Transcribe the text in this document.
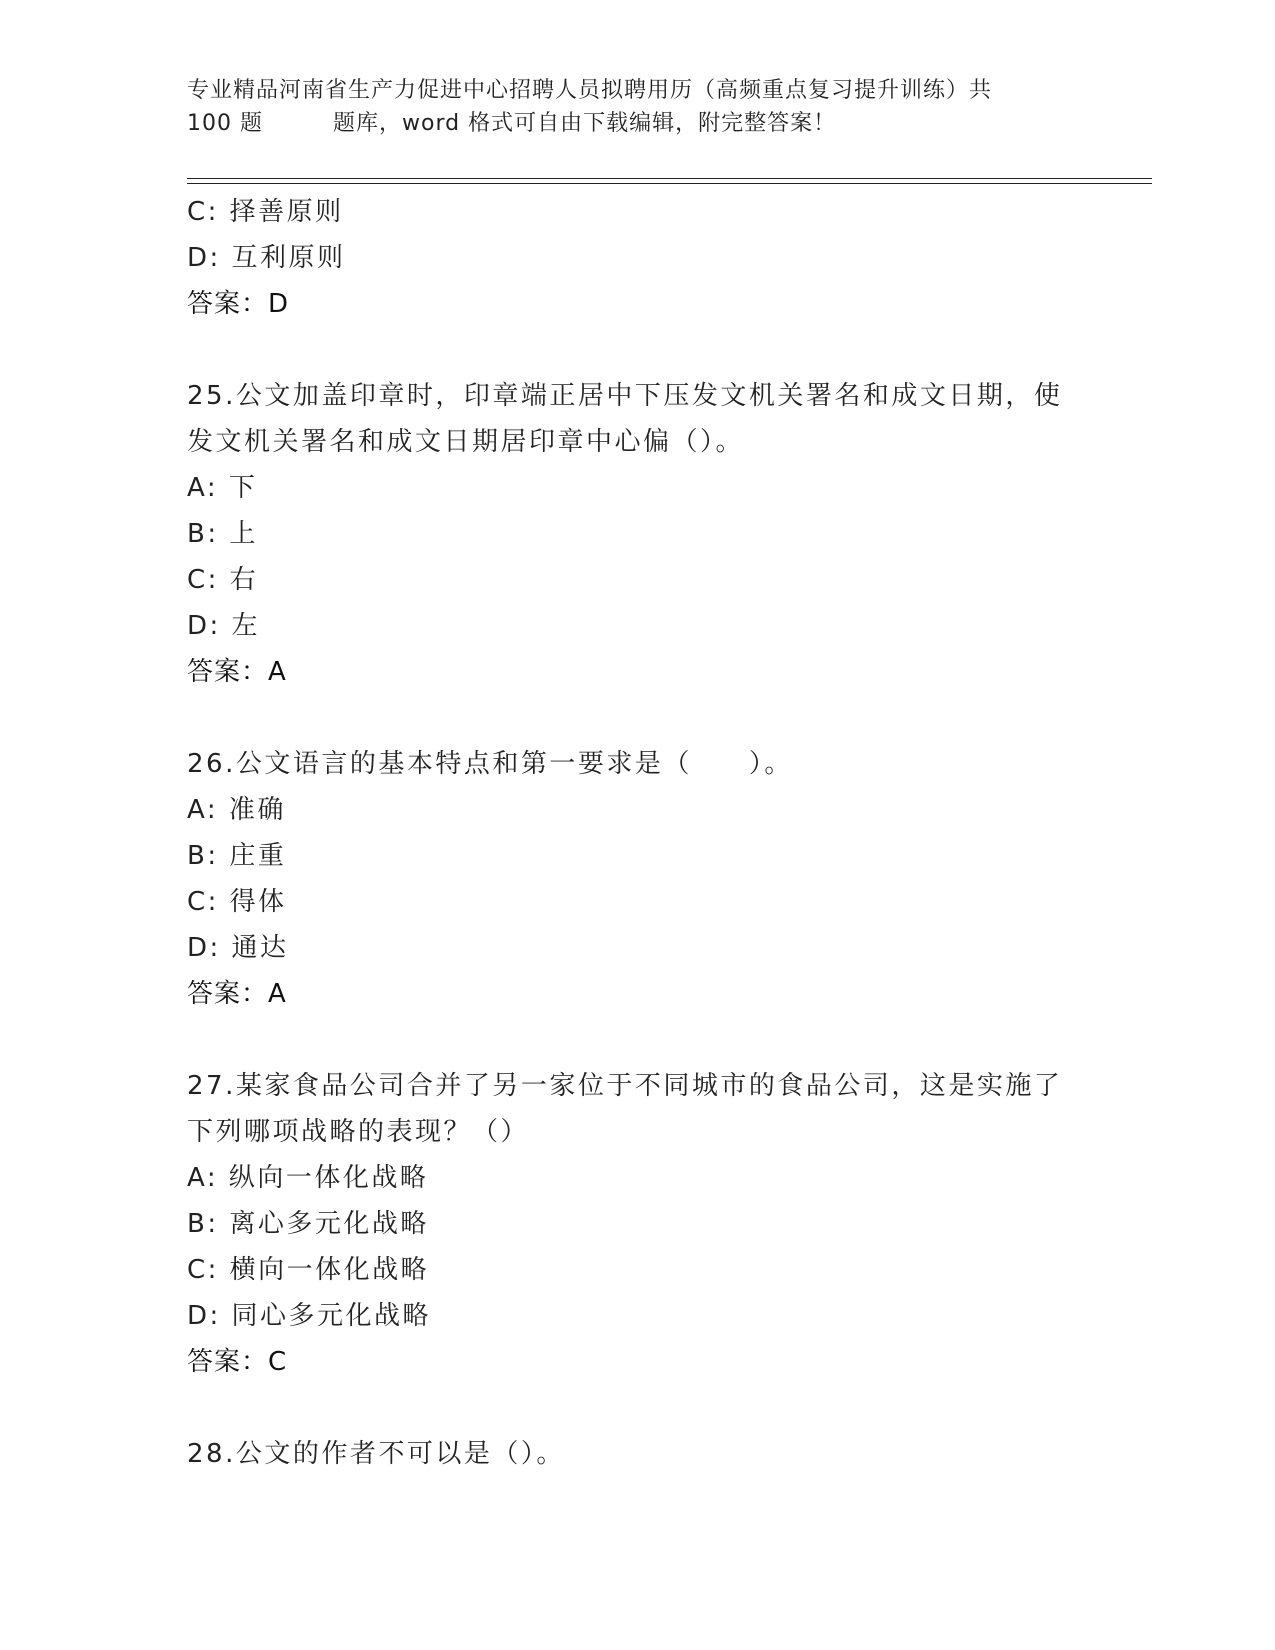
专业精品河南省生产力促进中心招聘人员拟聘用历（高频重点复习提升训练）共
100 题	题库，word 格式可自由下载编辑，附完整答案！
C: 择善原则
D: 互利原则
答案：D
25.公文加盖印章时，印章端正居中下压发文机关署名和成文日期，使
发文机关署名和成文日期居印章中心偏（）。
A: 下
B: 上
C: 右
D: 左
答案：A
26.公文语言的基本特点和第一要求是（　　）。
A: 准确
B: 庄重
C: 得体
D: 通达
答案：A
27.某家食品公司合并了另一家位于不同城市的食品公司，这是实施了
下列哪项战略的表现？（）
A: 纵向一体化战略
B: 离心多元化战略
C: 横向一体化战略
D: 同心多元化战略
答案：C
28.公文的作者不可以是（）。
